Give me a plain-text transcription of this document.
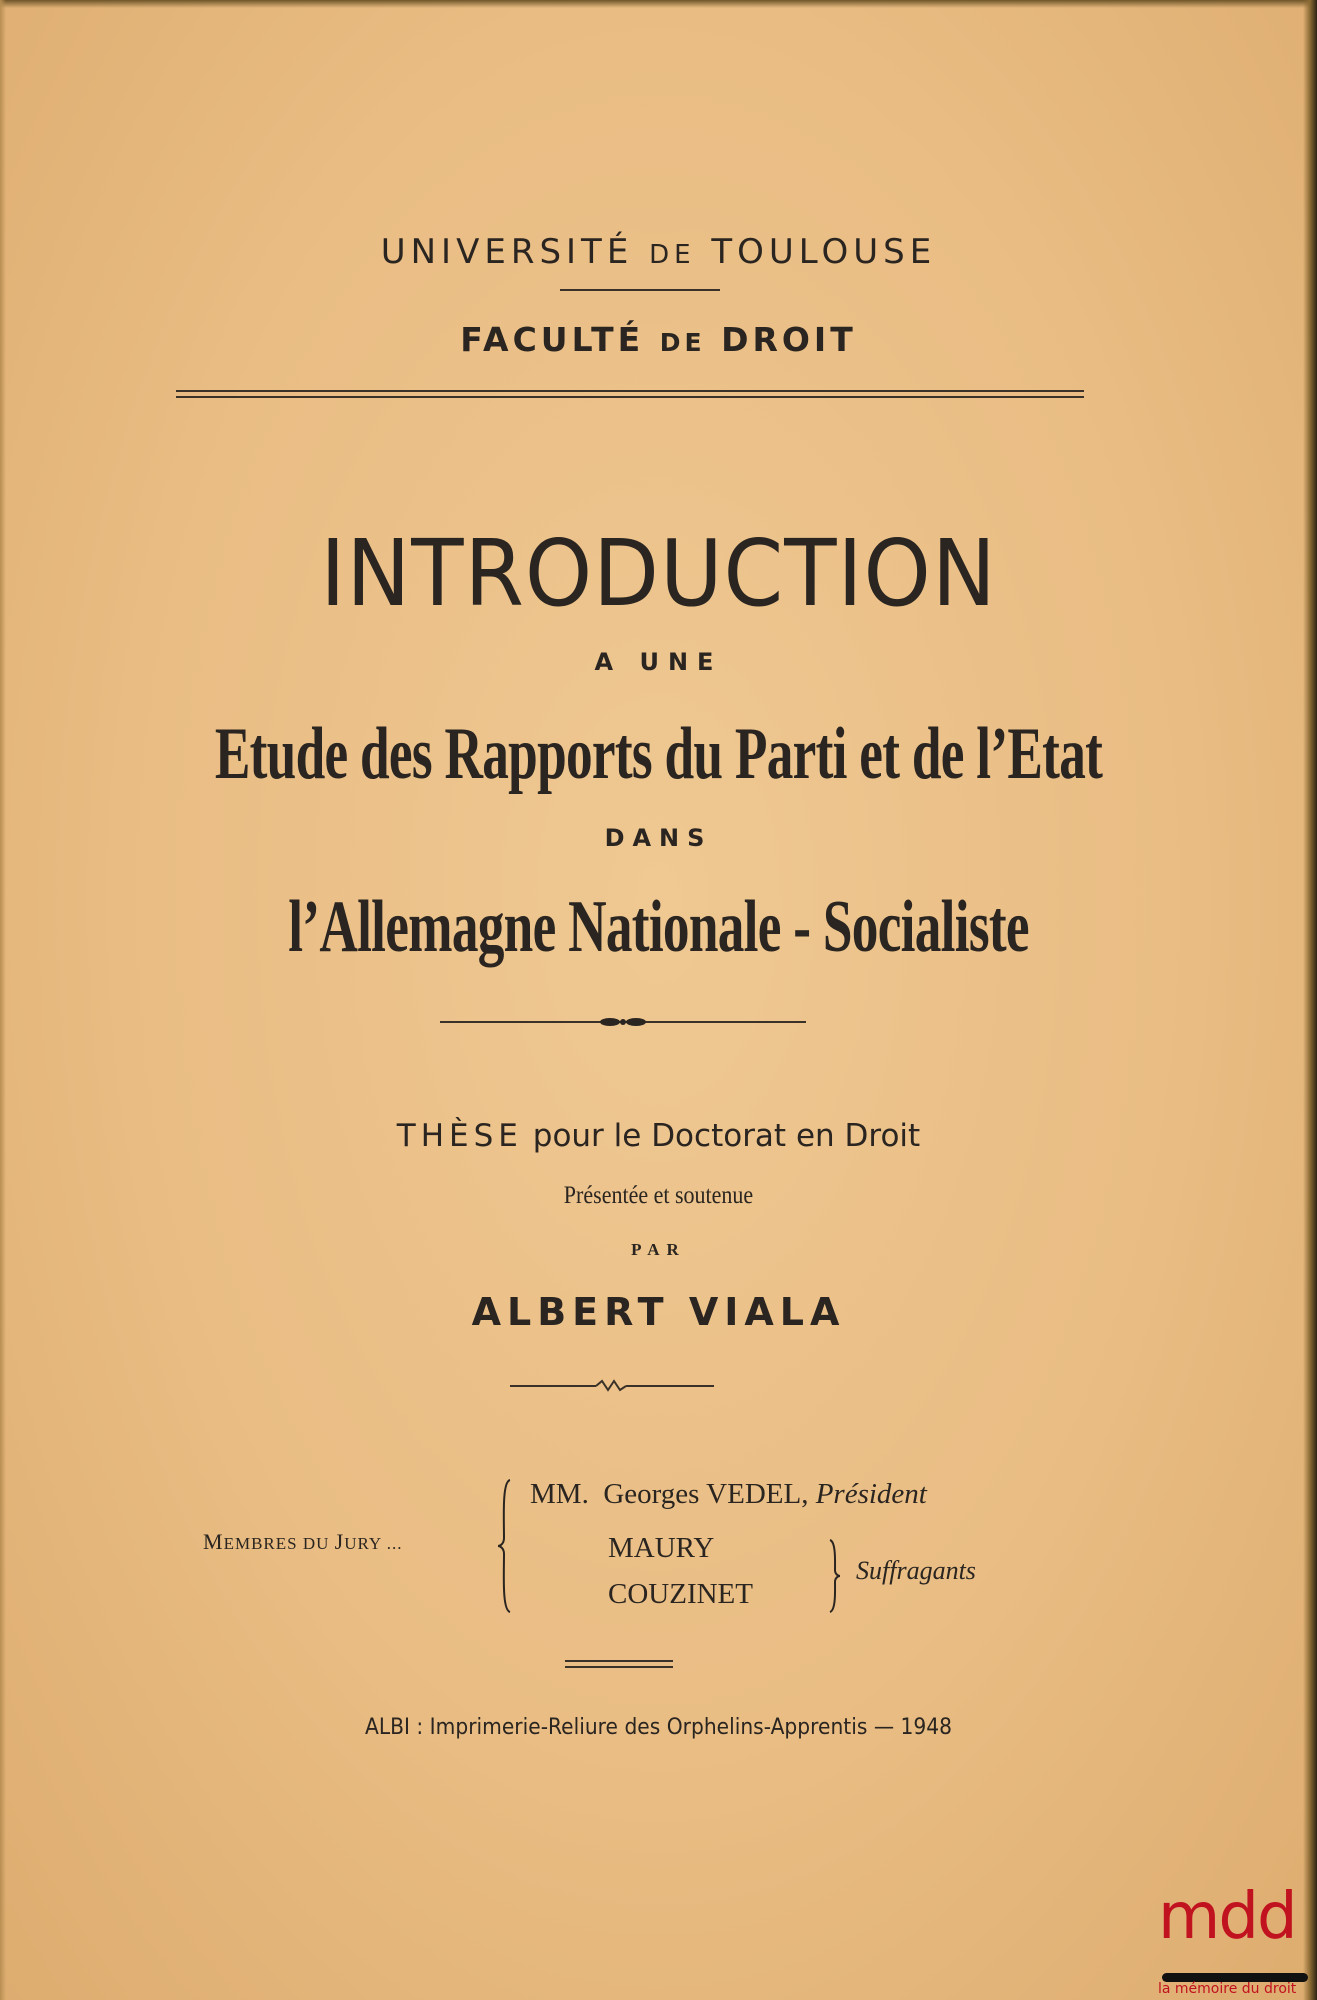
UNIVERSITÉ DE TOULOUSE
FACULTÉ DE DROIT
INTRODUCTION
A UNE
Etude des Rapports du Parti et de l’Etat
DANS
l’Allemagne Nationale - Socialiste
THÈSE pour le Doctorat en Droit
Présentée et soutenue
PAR
ALBERT VIALA
MEMBRES DU JURY ...
MM. Georges VEDEL, Président
MAURY
COUZINET
Suffragants
ALBI : Imprimerie-Reliure des Orphelins-Apprentis — 1948
mdd
la mémoire du droit
